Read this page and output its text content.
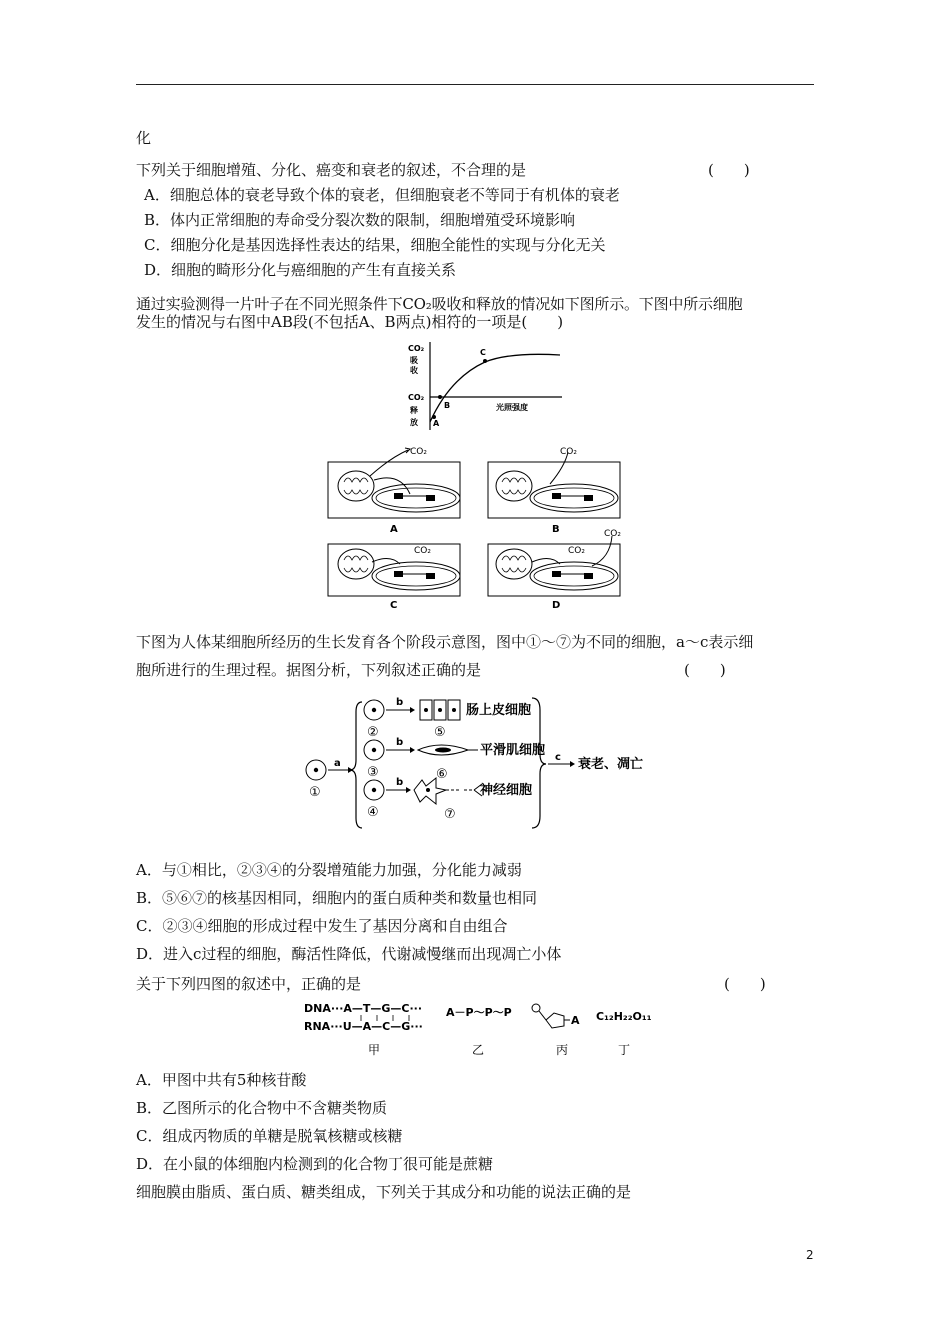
化
下列关于细胞增殖、分化、癌变和衰老的叙述，不合理的是	(　　)
A．细胞总体的衰老导致个体的衰老，但细胞衰老不等同于有机体的衰老
B．体内正常细胞的寿命受分裂次数的限制，细胞增殖受环境影响
C．细胞分化是基因选择性表达的结果，细胞全能性的实现与分化无关
D．细胞的畸形分化与癌细胞的产生有直接关系
通过实验测得一片叶子在不同光照条件下CO₂吸收和释放的情况如下图所示。下图中所示细胞
发生的情况与右图中AB段(不包括A、B两点)相符的一项是(　　)
CO₂
吸
收
CO₂
释
放 A
B
C
光照强度
CO₂
A
CO₂
B
CO₂
C
CO₂
CO₂
D
下图为人体某细胞所经历的生长发育各个阶段示意图，图中①～⑦为不同的细胞，a～c表示细
胞所进行的生理过程。据图分析，下列叙述正确的是	(　　)
①
a
②
b
肠上皮细胞
⑤
③
b
平滑肌细胞
⑥
④
b
神经细胞
⑦
c 衰老、凋亡
A．与①相比，②③④的分裂增殖能力加强，分化能力减弱
B．⑤⑥⑦的核基因相同，细胞内的蛋白质种类和数量也相同
C．②③④细胞的形成过程中发生了基因分离和自由组合
D．进入c过程的细胞，酶活性降低，代谢减慢继而出现凋亡小体
关于下列四图的叙述中，正确的是	(　　)
DNA···A—T—G—C···
RNA···U—A—C—G···
A－P～P～P
A C₁₂H₂₂O₁₁
甲	乙	丙	丁
A．甲图中共有5种核苷酸
B．乙图所示的化合物中不含糖类物质
C．组成丙物质的单糖是脱氧核糖或核糖
D．在小鼠的体细胞内检测到的化合物丁很可能是蔗糖
细胞膜由脂质、蛋白质、糖类组成，下列关于其成分和功能的说法正确的是
2
